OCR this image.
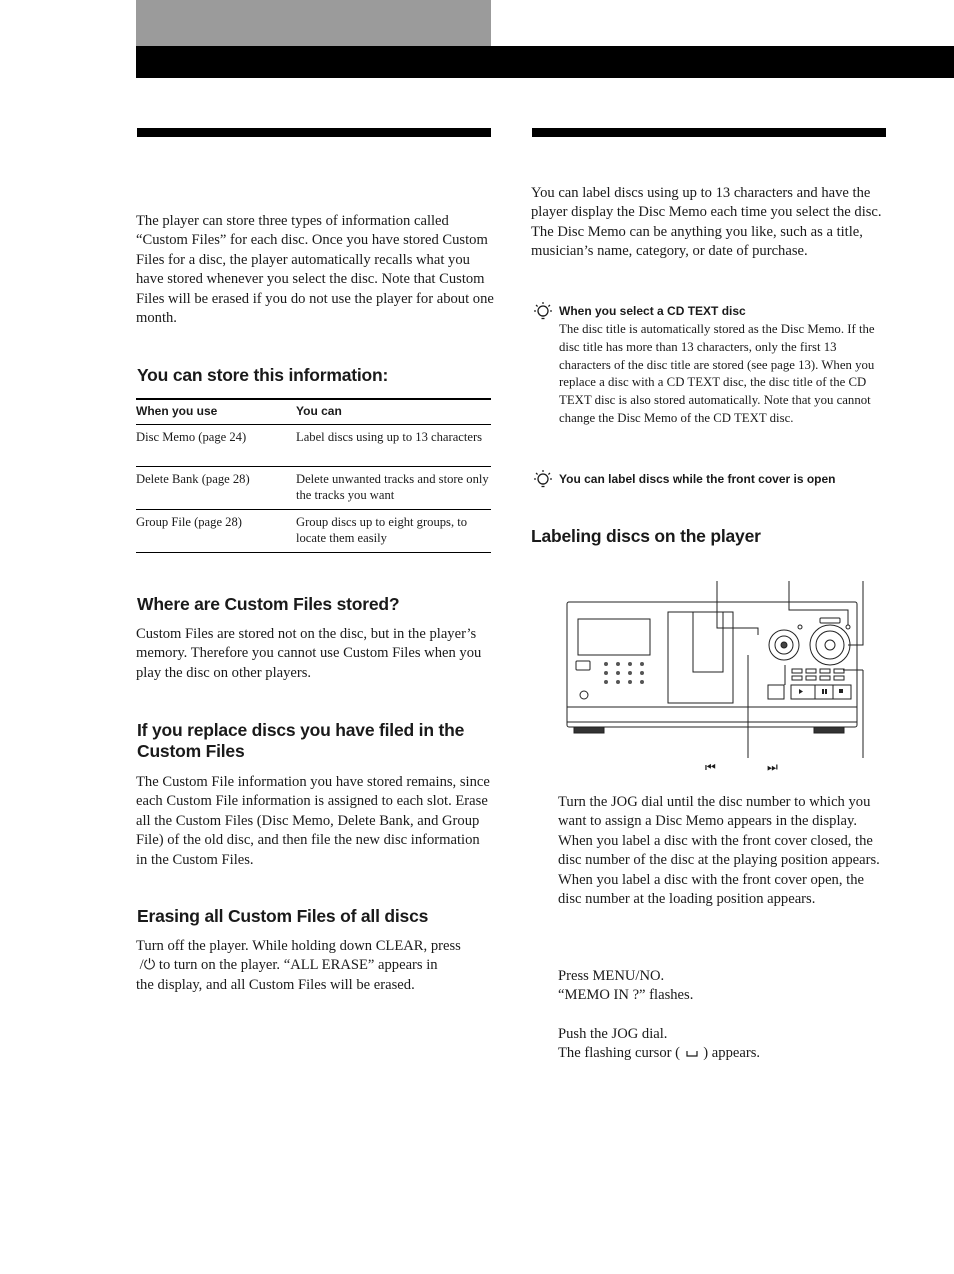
The player can store three types of information called “Custom Files” for each disc. Once you have stored Custom Files for a disc, the player automatically recalls what you have stored whenever you select the disc. Note that Custom Files will be erased if you do not use the player for about one month.
You can store this information:
When you use	You can
Disc Memo (page 24)	Label discs using up to 13 characters
Delete Bank (page 28)	Delete unwanted tracks and store only the tracks you want
Group File (page 28)	Group discs up to eight groups, to locate them easily
Where are Custom Files stored?
Custom Files are stored not on the disc, but in the player’s memory. Therefore you cannot use Custom Files when you play the disc on other players.
If you replace discs you have filed in the Custom Files
The Custom File information you have stored remains, since each Custom File information is assigned to each slot. Erase all the Custom Files (Disc Memo, Delete Bank, and Group File) of the old disc, and then file the new disc information in the Custom Files.
Erasing all Custom Files of all discs
Turn off the player. While holding down CLEAR, press
/⏻ to turn on the player. “ALL ERASE” appears in
the display, and all Custom Files will be erased.
You can label discs using up to 13 characters and have the player display the Disc Memo each time you select the disc. The Disc Memo can be anything you like, such as a title, musician’s name, category, or date of purchase.
When you select a CD TEXT disc
The disc title is automatically stored as the Disc Memo. If the disc title has more than 13 characters, only the first 13 characters of the disc title are stored (see page 13). When you replace a disc with a CD TEXT disc, the disc title of the CD TEXT disc is also stored automatically. Note that you cannot change the Disc Memo of the CD TEXT disc.
You can label discs while the front cover is open
Labeling discs on the player
⏮	⏭
Turn the JOG dial until the disc number to which you want to assign a Disc Memo appears in the display.
When you label a disc with the front cover closed, the disc number of the disc at the playing position appears.
When you label a disc with the front cover open, the disc number at the loading position appears.
Press MENU/NO.
“MEMO IN ?” flashes.
Push the JOG dial.
The flashing cursor ( ) appears.
